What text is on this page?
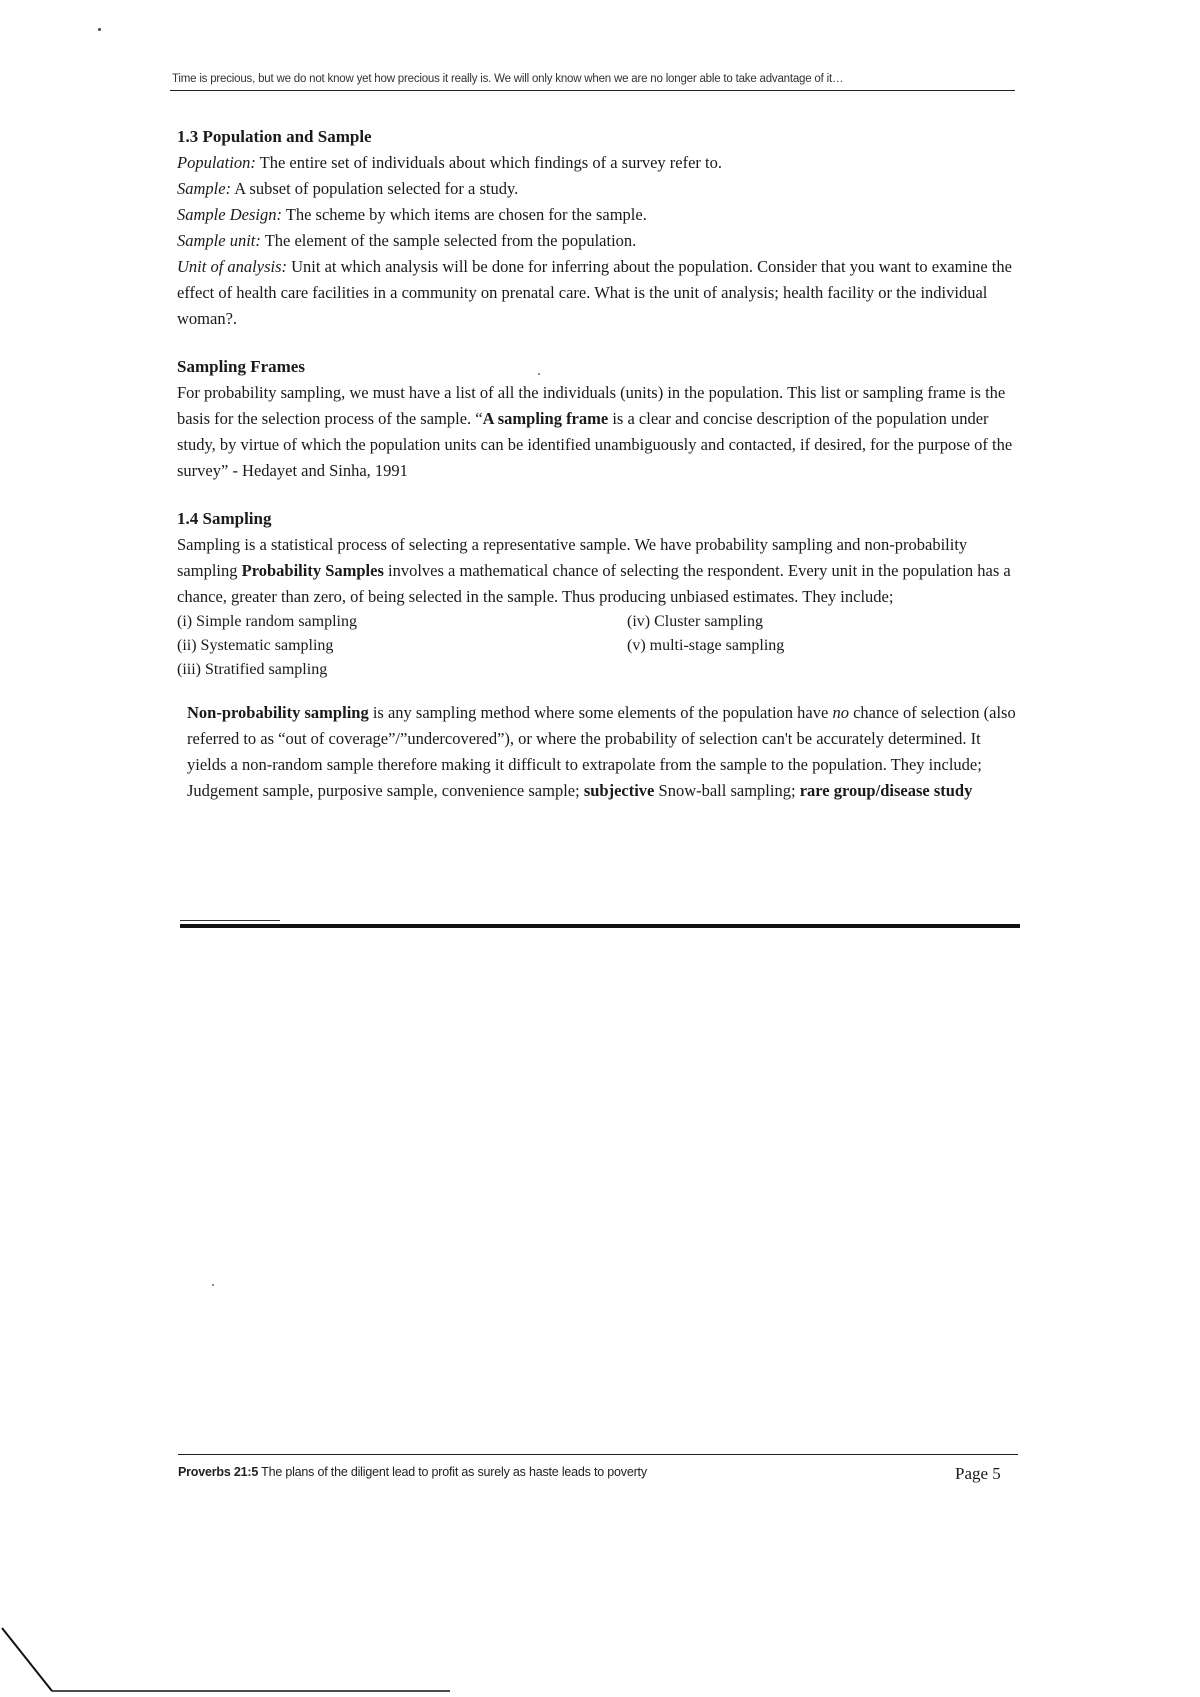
Time is precious, but we do not know yet how precious it really is. We will only know when we are no longer able to take advantage of it…

1.3 Population and Sample

Population: The entire set of individuals about which findings of a survey refer to.

Sample: A subset of population selected for a study.

Sample Design: The scheme by which items are chosen for the sample.

Sample unit: The element of the sample selected from the population.

Unit of analysis: Unit at which analysis will be done for inferring about the population. Consider that you want to examine the effect of health care facilities in a community on prenatal care. What is the unit of analysis; health facility or the individual woman?.

Sampling Frames

For probability sampling, we must have a list of all the individuals (units) in the population. This list or sampling frame is the basis for the selection process of the sample. “A sampling frame is a clear and concise description of the population under study, by virtue of which the population units can be identified unambiguously and contacted, if desired, for the purpose of the survey” - Hedayet and Sinha, 1991

1.4 Sampling

Sampling is a statistical process of selecting a representative sample. We have probability sampling and non-probability sampling Probability Samples involves a mathematical chance of selecting the respondent. Every unit in the population has a chance, greater than zero, of being selected in the sample. Thus producing unbiased estimates. They include;

(i) Simple random sampling	(iv) Cluster sampling
(ii) Systematic sampling	(v) multi-stage sampling
(iii) Stratified sampling

Non-probability sampling is any sampling method where some elements of the population have no chance of selection (also referred to as “out of coverage”/”undercovered”), or where the probability of selection can't be accurately determined. It yields a non-random sample therefore making it difficult to extrapolate from the sample to the population. They include; Judgement sample, purposive sample, convenience sample; subjective Snow-ball sampling; rare group/disease study

Proverbs 21:5 The plans of the diligent lead to profit as surely as haste leads to poverty	Page 5
